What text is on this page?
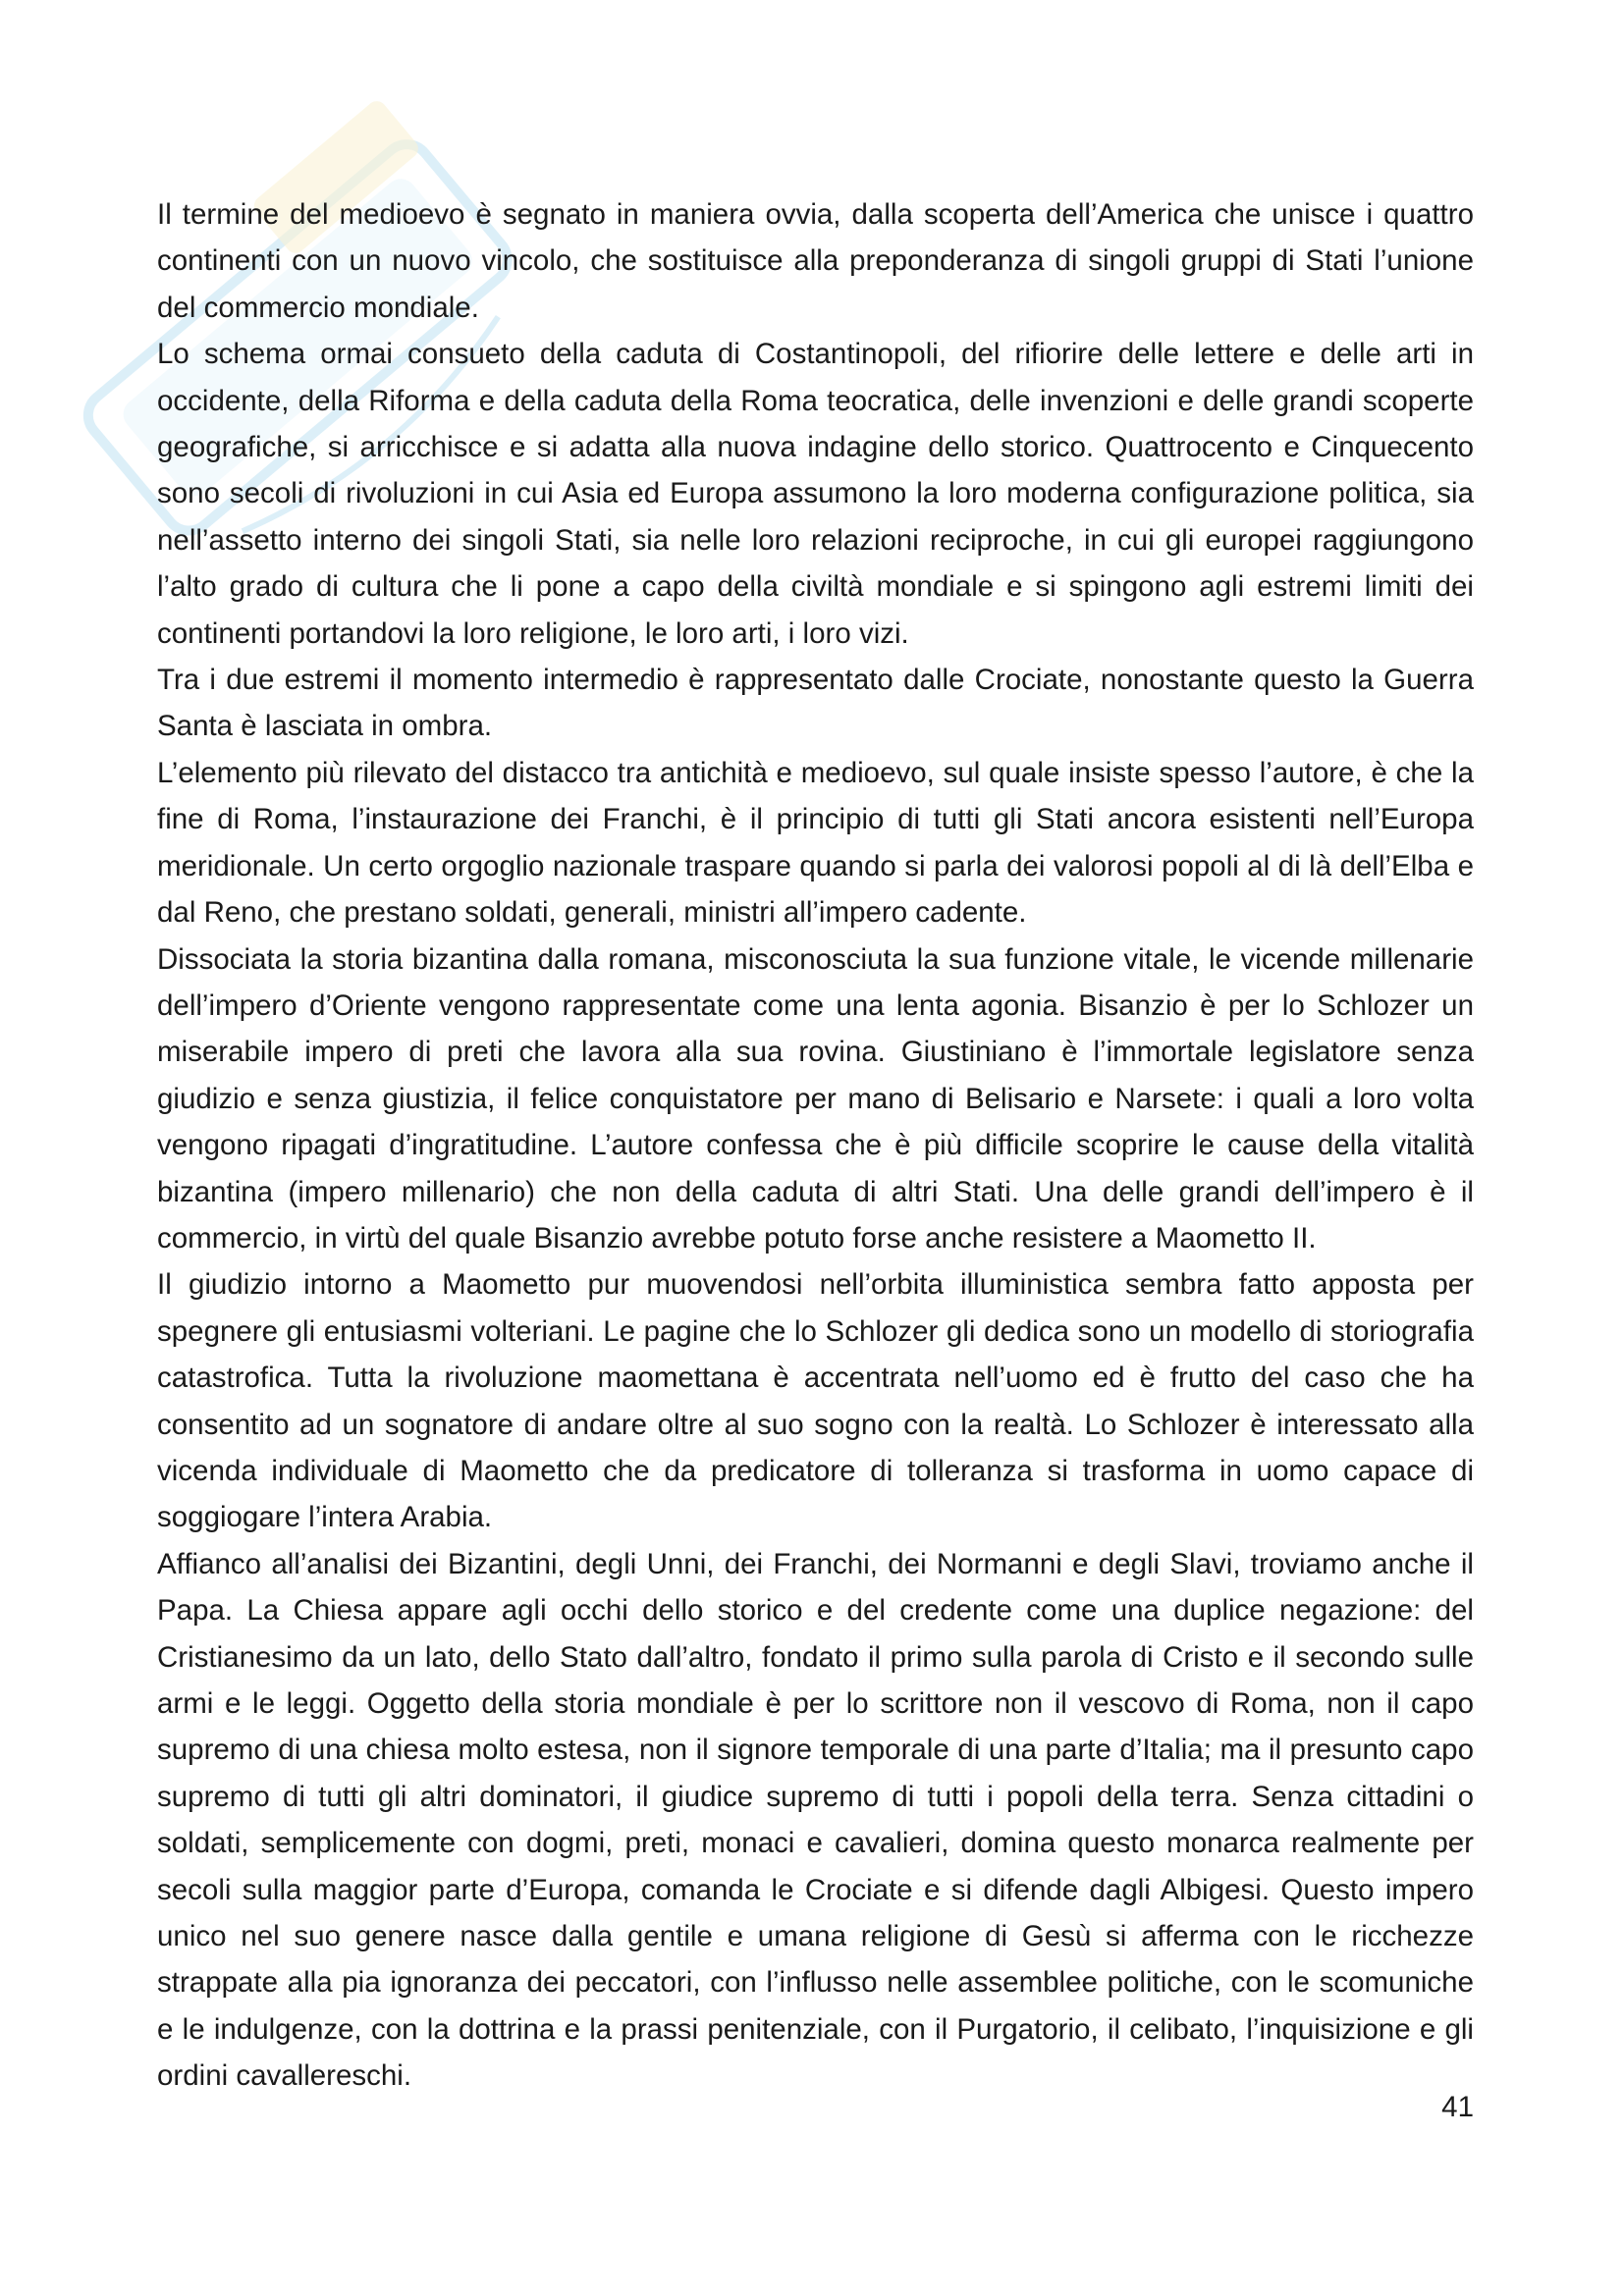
Il termine del medioevo è segnato in maniera ovvia, dalla scoperta dell’America che unisce i quattro continenti con un nuovo vincolo, che sostituisce alla preponderanza di singoli gruppi di Stati l’unione del commercio mondiale.

Lo schema ormai consueto della caduta di Costantinopoli, del rifiorire delle lettere e delle arti in occidente, della Riforma e della caduta della Roma teocratica, delle invenzioni e delle grandi scoperte geografiche, si arricchisce e si adatta alla nuova indagine dello storico. Quattrocento e Cinquecento sono secoli di rivoluzioni in cui Asia ed Europa assumono la loro moderna configurazione politica, sia nell’assetto interno dei singoli Stati, sia nelle loro relazioni reciproche, in cui gli europei raggiungono l’alto grado di cultura che li pone a capo della civiltà mondiale e si spingono agli estremi limiti dei continenti portandovi la loro religione, le loro arti, i loro vizi.

Tra i due estremi il momento intermedio è rappresentato dalle Crociate, nonostante questo la Guerra Santa è lasciata in ombra.

L’elemento più rilevato del distacco tra antichità e medioevo, sul quale insiste spesso l’autore, è che la fine di Roma, l’instaurazione dei Franchi, è il principio di tutti gli Stati ancora esistenti nell’Europa meridionale. Un certo orgoglio nazionale traspare quando si parla dei valorosi popoli al di là dell’Elba e dal Reno, che prestano soldati, generali, ministri all’impero cadente.

Dissociata la storia bizantina dalla romana, misconosciuta la sua funzione vitale, le vicende millenarie dell’impero d’Oriente vengono rappresentate come una lenta agonia. Bisanzio è per lo Schlozer un miserabile impero di preti che lavora alla sua rovina. Giustiniano è l’immortale legislatore senza giudizio e senza giustizia, il felice conquistatore per mano di Belisario e Narsete: i quali a loro volta vengono ripagati d’ingratitudine. L’autore confessa che è più difficile scoprire le cause della vitalità bizantina (impero millenario) che non della caduta di altri Stati. Una delle grandi dell’impero è il commercio, in virtù del quale Bisanzio avrebbe potuto forse anche resistere a Maometto II.

Il giudizio intorno a Maometto pur muovendosi nell’orbita illuministica sembra fatto apposta per spegnere gli entusiasmi volteriani. Le pagine che lo Schlozer gli dedica sono un modello di storiografia catastrofica. Tutta la rivoluzione maomettana è accentrata nell’uomo ed è frutto del caso che ha consentito ad un sognatore di andare oltre al suo sogno con la realtà. Lo Schlozer è interessato alla vicenda individuale di Maometto che da predicatore di tolleranza si trasforma in uomo capace di soggiogare l’intera Arabia.

Affianco all’analisi dei Bizantini, degli Unni, dei Franchi, dei Normanni e degli Slavi, troviamo anche il Papa. La Chiesa appare agli occhi dello storico e del credente come una duplice negazione: del Cristianesimo da un lato, dello Stato dall’altro, fondato il primo sulla parola di Cristo e il secondo sulle armi e le leggi. Oggetto della storia mondiale è per lo scrittore non il vescovo di Roma, non il capo supremo di una chiesa molto estesa, non il signore temporale di una parte d’Italia; ma il presunto capo supremo di tutti gli altri dominatori, il giudice supremo di tutti i popoli della terra. Senza cittadini o soldati, semplicemente con dogmi, preti, monaci e cavalieri, domina questo monarca realmente per secoli sulla maggior parte d’Europa, comanda le Crociate e si difende dagli Albigesi. Questo impero unico nel suo genere nasce dalla gentile e umana religione di Gesù si afferma con le ricchezze strappate alla pia ignoranza dei peccatori, con l’influsso nelle assemblee politiche, con le scomuniche e le indulgenze, con la dottrina e la prassi penitenziale, con il Purgatorio, il celibato, l’inquisizione e gli ordini cavallereschi.

41
